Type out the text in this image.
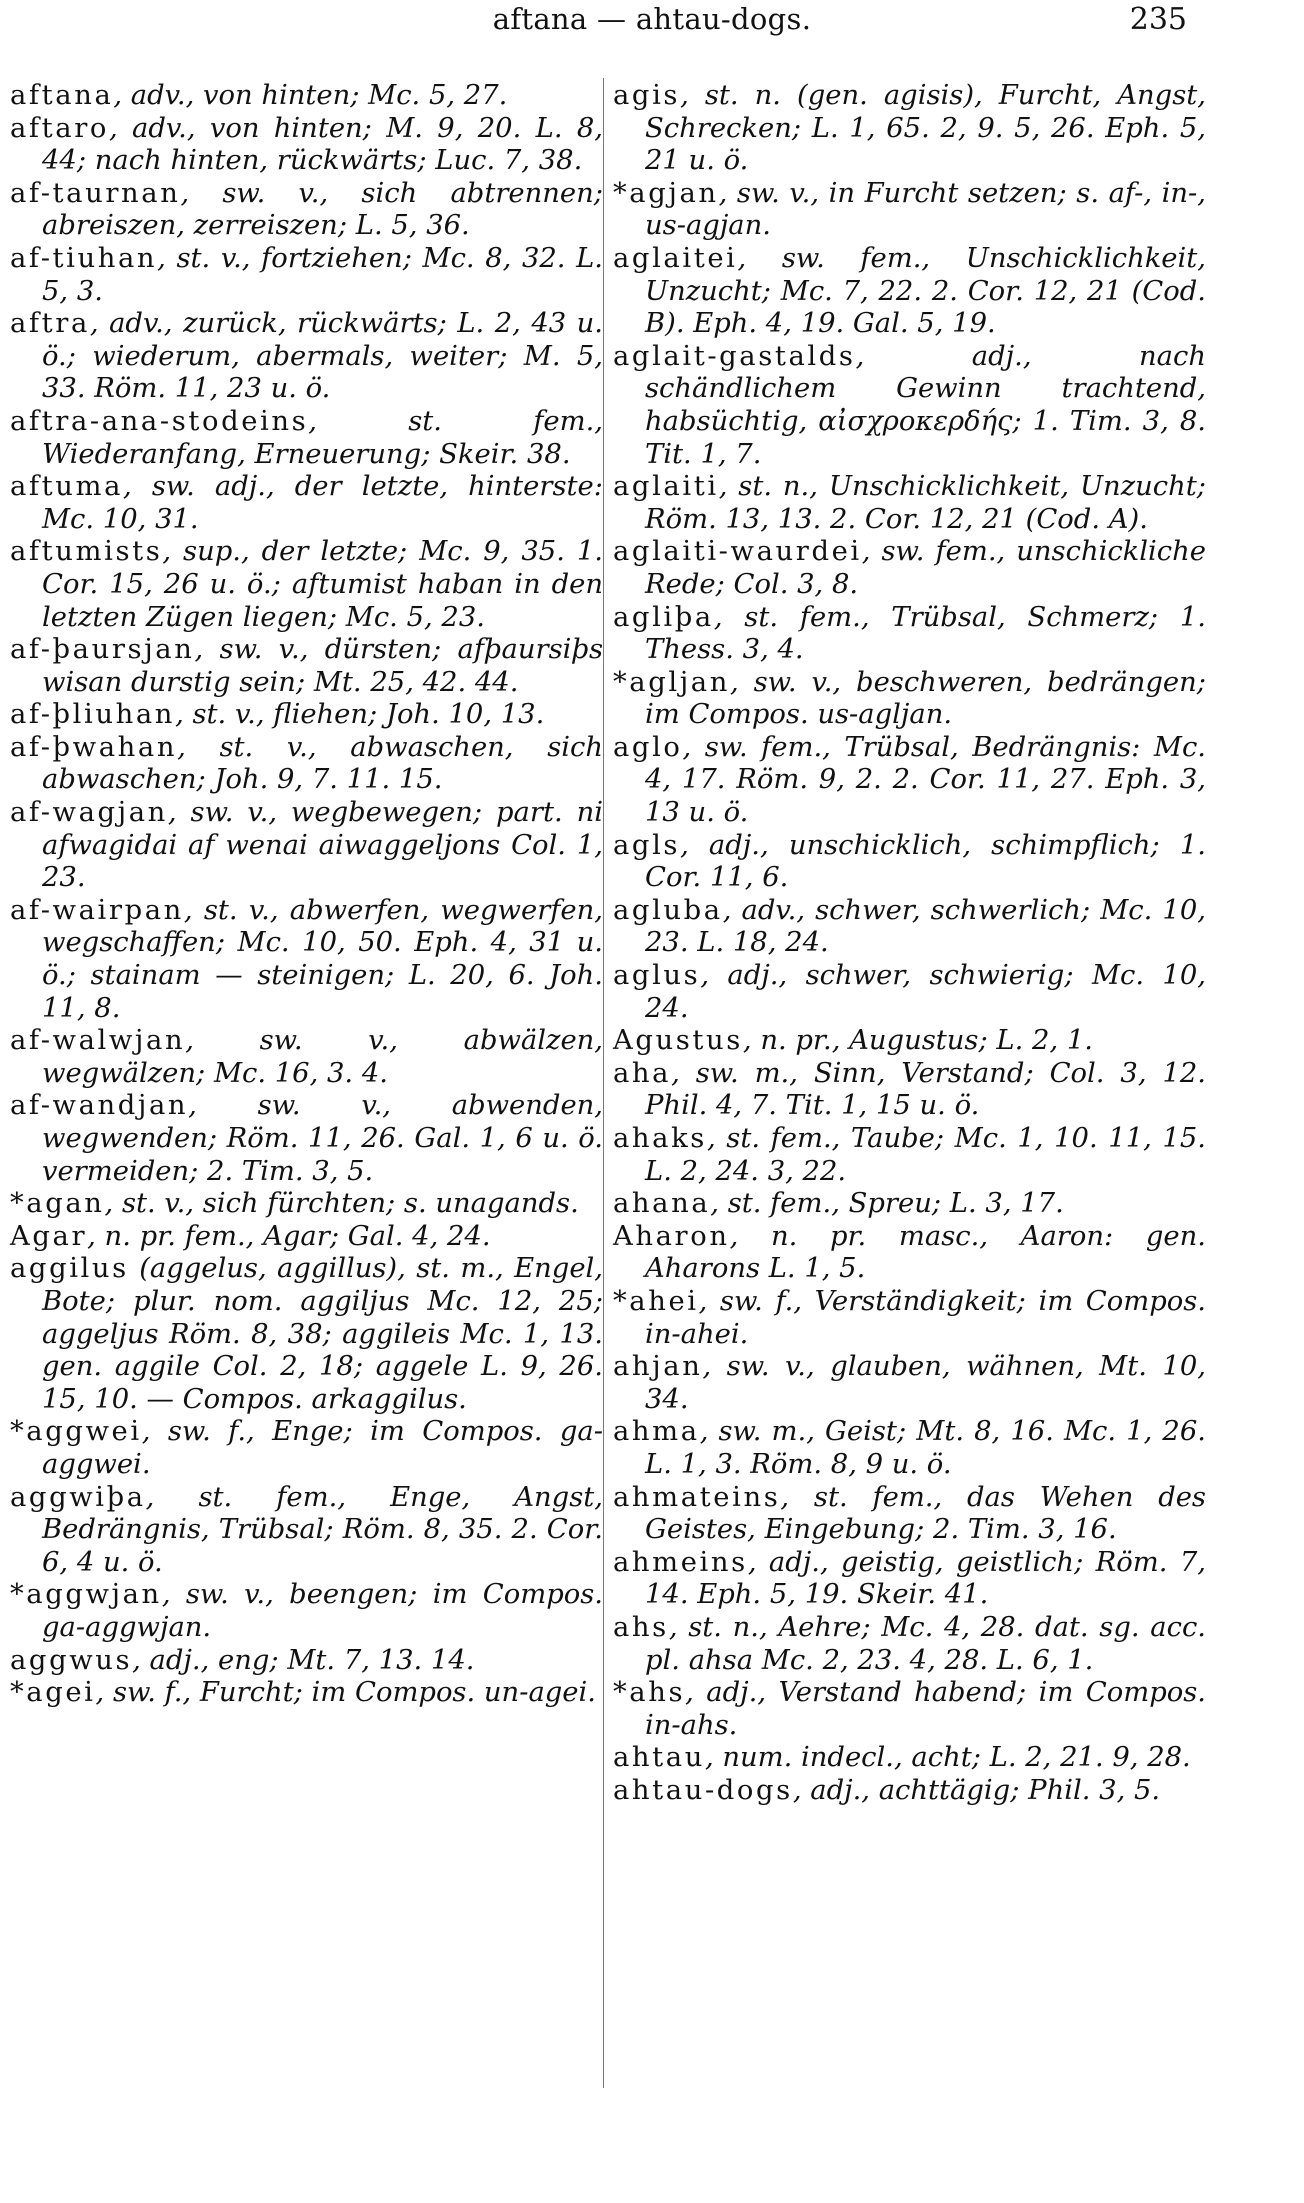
aftana — ahtau-dogs.	235

aftana, adv., von hinten; Mc. 5, 27.

aftaro, adv., von hinten; M. 9, 20. L. 8, 44; nach hinten, rückwärts; Luc. 7, 38.

af-taurnan, sw. v., sich abtrennen; abreiszen, zerreiszen; L. 5, 36.

af-tiuhan, st. v., fortziehen; Mc. 8, 32. L. 5, 3.

aftra, adv., zurück, rückwärts; L. 2, 43 u. ö.; wiederum, abermals, weiter; M. 5, 33. Röm. 11, 23 u. ö.

aftra-ana-stodeins, st. fem., Wiederanfang, Erneuerung; Skeir. 38.

aftuma, sw. adj., der letzte, hinterste: Mc. 10, 31.

aftumists, sup., der letzte; Mc. 9, 35. 1. Cor. 15, 26 u. ö.; aftumist haban in den letzten Zügen liegen; Mc. 5, 23.

af-þaursjan, sw. v., dürsten; afþaursiþs wisan durstig sein; Mt. 25, 42. 44.

af-þliuhan, st. v., fliehen; Joh. 10, 13.

af-þwahan, st. v., abwaschen, sich abwaschen; Joh. 9, 7. 11. 15.

af-wagjan, sw. v., wegbewegen; part. ni afwagidai af wenai aiwaggeljons Col. 1, 23.

af-wairpan, st. v., abwerfen, wegwerfen, wegschaffen; Mc. 10, 50. Eph. 4, 31 u. ö.; stainam — steinigen; L. 20, 6. Joh. 11, 8.

af-walwjan, sw. v., abwälzen, wegwälzen; Mc. 16, 3. 4.

af-wandjan, sw. v., abwenden, wegwenden; Röm. 11, 26. Gal. 1, 6 u. ö. vermeiden; 2. Tim. 3, 5.

*agan, st. v., sich fürchten; s. unagands.

Agar, n. pr. fem., Agar; Gal. 4, 24.

aggilus (aggelus, aggillus), st. m., Engel, Bote; plur. nom. aggiljus Mc. 12, 25; aggeljus Röm. 8, 38; aggileis Mc. 1, 13. gen. aggile Col. 2, 18; aggele L. 9, 26. 15, 10. — Compos. arkaggilus.

*aggwei, sw. f., Enge; im Compos. ga-aggwei.

aggwiþa, st. fem., Enge, Angst, Bedrängnis, Trübsal; Röm. 8, 35. 2. Cor. 6, 4 u. ö.

*aggwjan, sw. v., beengen; im Compos. ga-aggwjan.

aggwus, adj., eng; Mt. 7, 13. 14.

*agei, sw. f., Furcht; im Compos. un-agei.

agis, st. n. (gen. agisis), Furcht, Angst, Schrecken; L. 1, 65. 2, 9. 5, 26. Eph. 5, 21 u. ö.

*agjan, sw. v., in Furcht setzen; s. af-, in-, us-agjan.

aglaitei, sw. fem., Unschicklichkeit, Unzucht; Mc. 7, 22. 2. Cor. 12, 21 (Cod. B). Eph. 4, 19. Gal. 5, 19.

aglait-gastalds, adj., nach schändlichem Gewinn trachtend, habsüchtig, αἰσχροκερδής; 1. Tim. 3, 8. Tit. 1, 7.

aglaiti, st. n., Unschicklichkeit, Unzucht; Röm. 13, 13. 2. Cor. 12, 21 (Cod. A).

aglaiti-waurdei, sw. fem., unschickliche Rede; Col. 3, 8.

agliþa, st. fem., Trübsal, Schmerz; 1. Thess. 3, 4.

*agljan, sw. v., beschweren, bedrängen; im Compos. us-agljan.

aglo, sw. fem., Trübsal, Bedrängnis: Mc. 4, 17. Röm. 9, 2. 2. Cor. 11, 27. Eph. 3, 13 u. ö.

agls, adj., unschicklich, schimpflich; 1. Cor. 11, 6.

agluba, adv., schwer, schwerlich; Mc. 10, 23. L. 18, 24.

aglus, adj., schwer, schwierig; Mc. 10, 24.

Agustus, n. pr., Augustus; L. 2, 1.

aha, sw. m., Sinn, Verstand; Col. 3, 12. Phil. 4, 7. Tit. 1, 15 u. ö.

ahaks, st. fem., Taube; Mc. 1, 10. 11, 15. L. 2, 24. 3, 22.

ahana, st. fem., Spreu; L. 3, 17.

Aharon, n. pr. masc., Aaron: gen. Aharons L. 1, 5.

*ahei, sw. f., Verständigkeit; im Compos. in-ahei.

ahjan, sw. v., glauben, wähnen, Mt. 10, 34.

ahma, sw. m., Geist; Mt. 8, 16. Mc. 1, 26. L. 1, 3. Röm. 8, 9 u. ö.

ahmateins, st. fem., das Wehen des Geistes, Eingebung; 2. Tim. 3, 16.

ahmeins, adj., geistig, geistlich; Röm. 7, 14. Eph. 5, 19. Skeir. 41.

ahs, st. n., Aehre; Mc. 4, 28. dat. sg. acc. pl. ahsa Mc. 2, 23. 4, 28. L. 6, 1.

*ahs, adj., Verstand habend; im Compos. in-ahs.

ahtau, num. indecl., acht; L. 2, 21. 9, 28.

ahtau-dogs, adj., achttägig; Phil. 3, 5.
